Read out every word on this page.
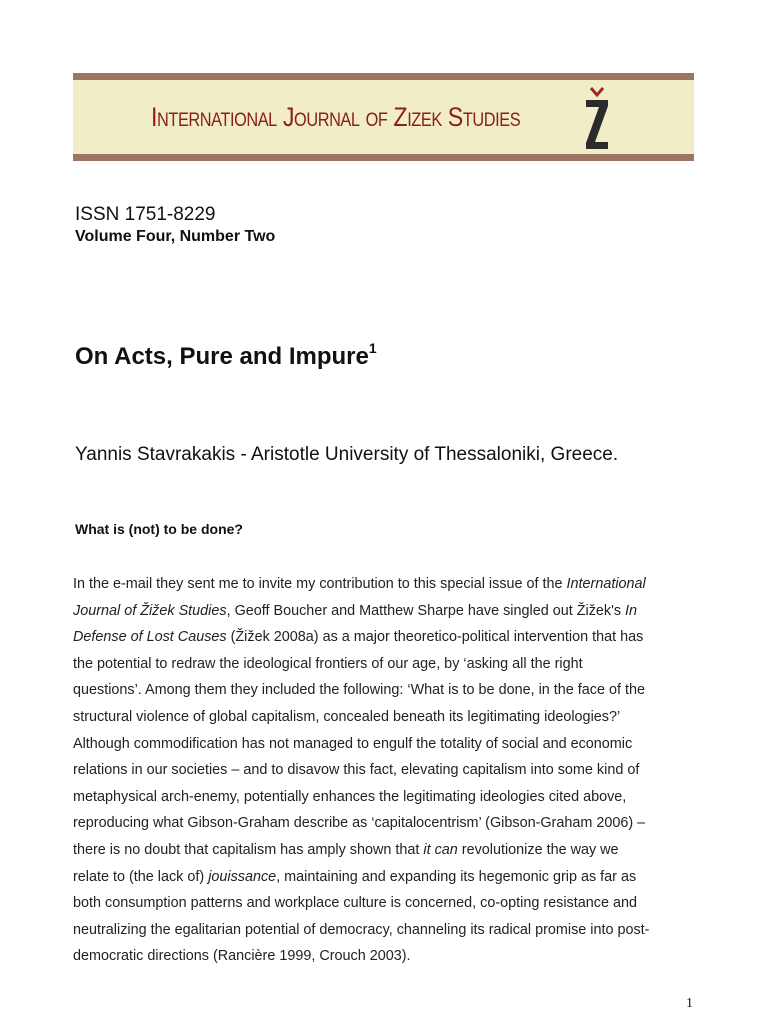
International Journal of Zizek Studies
ISSN 1751-8229
Volume Four, Number Two
On Acts, Pure and Impure$^1$
Yannis Stavrakakis - Aristotle University of Thessaloniki, Greece.
What is (not) to be done?
In the e-mail they sent me to invite my contribution to this special issue of the International
Journal of Žižek Studies, Geoff Boucher and Matthew Sharpe have singled out Žižek's In
Defense of Lost Causes (Žižek 2008a) as a major theoretico-political intervention that has
the potential to redraw the ideological frontiers of our age, by ‘asking all the right
questions’. Among them they included the following: ‘What is to be done, in the face of the
structural violence of global capitalism, concealed beneath its legitimating ideologies?’
Although commodification has not managed to engulf the totality of social and economic
relations in our societies – and to disavow this fact, elevating capitalism into some kind of
metaphysical arch-enemy, potentially enhances the legitimating ideologies cited above,
reproducing what Gibson-Graham describe as ‘capitalocentrism’ (Gibson-Graham 2006) –
there is no doubt that capitalism has amply shown that it can revolutionize the way we
relate to (the lack of) jouissance, maintaining and expanding its hegemonic grip as far as
both consumption patterns and workplace culture is concerned, co-opting resistance and
neutralizing the egalitarian potential of democracy, channeling its radical promise into post-
democratic directions (Rancière 1999, Crouch 2003).
1
